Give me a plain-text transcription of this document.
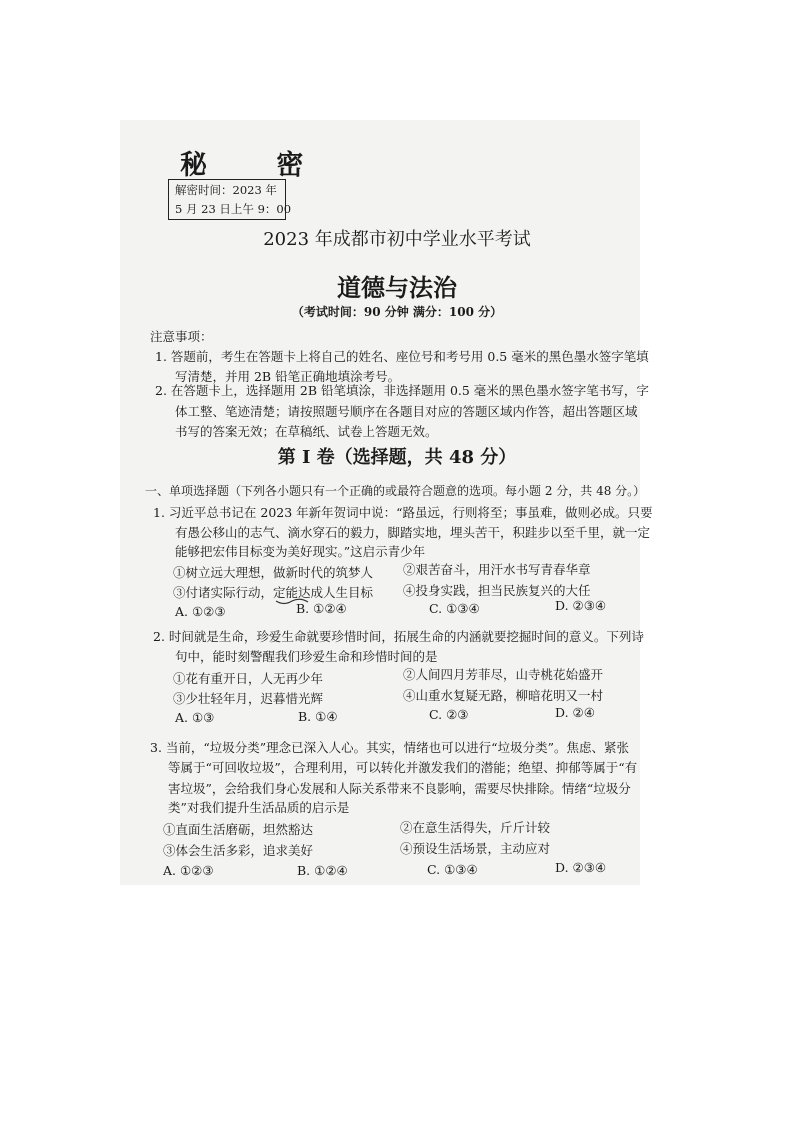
秘 密
解密时间：2023 年
5 月 23 日上午 9：00
2023 年成都市初中学业水平考试
道德与法治
（考试时间：90 分钟 满分：100 分）
注意事项：
1. 答题前，考生在答题卡上将自己的姓名、座位号和考号用 0.5 毫米的黑色墨水签字笔填
写清楚，并用 2B 铅笔正确地填涂考号。
2. 在答题卡上，选择题用 2B 铅笔填涂，非选择题用 0.5 毫米的黑色墨水签字笔书写，字
体工整、笔迹清楚；请按照题号顺序在各题目对应的答题区域内作答，超出答题区域
书写的答案无效；在草稿纸、试卷上答题无效。
第 Ⅰ 卷（选择题，共 48 分）
一、单项选择题（下列各小题只有一个正确的或最符合题意的选项。每小题 2 分，共 48 分。）
1. 习近平总书记在 2023 年新年贺词中说：“路虽远，行则将至；事虽难，做则必成。只要
有愚公移山的志气、滴水穿石的毅力，脚踏实地，埋头苦干，积跬步以至千里，就一定
能够把宏伟目标变为美好现实。”这启示青少年
①树立远大理想，做新时代的筑梦人 ②艰苦奋斗，用汗水书写青春华章
③付诸实际行动，定能达成人生目标 ④投身实践，担当民族复兴的大任
A. ①②③	B. ①②④	C. ①③④	D. ②③④
2. 时间就是生命，珍爱生命就要珍惜时间，拓展生命的内涵就要挖掘时间的意义。下列诗
句中，能时刻警醒我们珍爱生命和珍惜时间的是
①花有重开日，人无再少年	②人间四月芳菲尽，山寺桃花始盛开
③少壮轻年月，迟暮惜光辉	④山重水复疑无路，柳暗花明又一村
A. ①③	B. ①④	C. ②③	D. ②④
3. 当前，“垃圾分类”理念已深入人心。其实，情绪也可以进行“垃圾分类”。焦虑、紧张
等属于“可回收垃圾”，合理利用，可以转化并激发我们的潜能；绝望、抑郁等属于“有
害垃圾”，会给我们身心发展和人际关系带来不良影响，需要尽快排除。情绪“垃圾分
类”对我们提升生活品质的启示是
①直面生活磨砺，坦然豁达	②在意生活得失，斤斤计较
③体会生活多彩，追求美好	④预设生活场景，主动应对
A. ①②③	B. ①②④	C. ①③④	D. ②③④
